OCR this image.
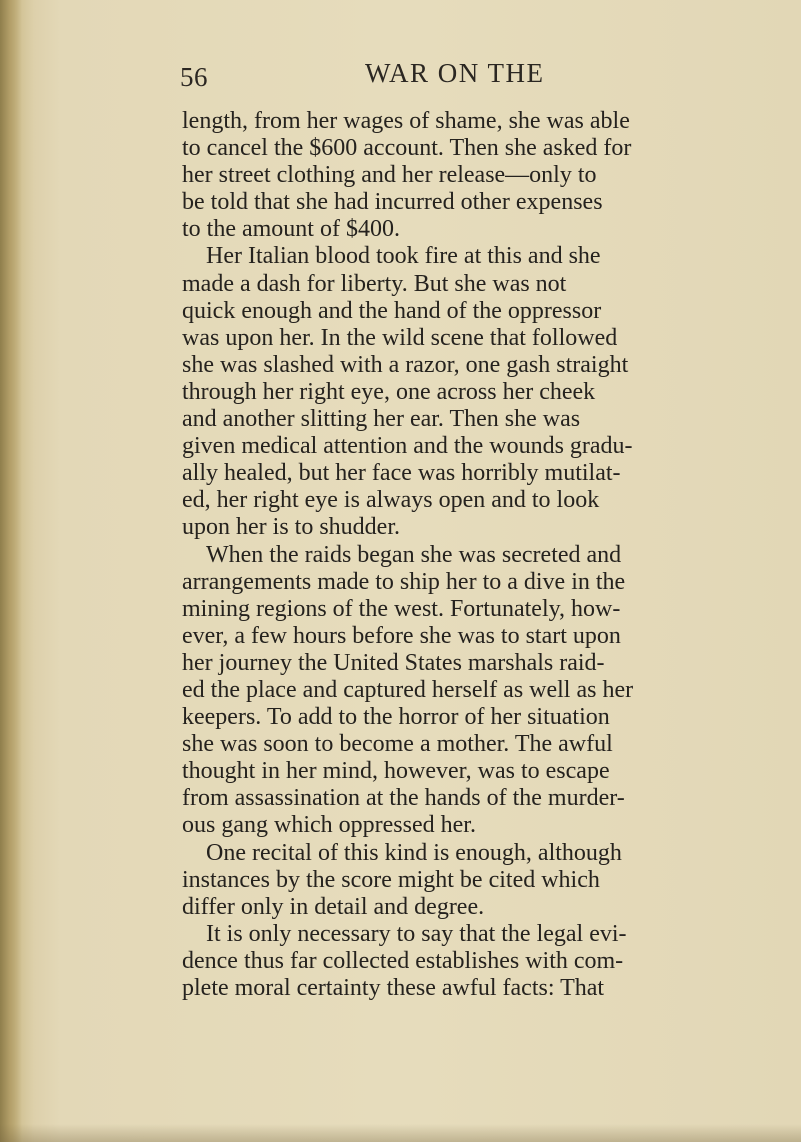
56	WAR ON THE
length, from her wages of shame, she was able
to cancel the $600 account. Then she asked for
her street clothing and her release—only to
be told that she had incurred other expenses
to the amount of $400.
Her Italian blood took fire at this and she
made a dash for liberty. But she was not
quick enough and the hand of the oppressor
was upon her. In the wild scene that followed
she was slashed with a razor, one gash straight
through her right eye, one across her cheek
and another slitting her ear. Then she was
given medical attention and the wounds gradu-
ally healed, but her face was horribly mutilat-
ed, her right eye is always open and to look
upon her is to shudder.
When the raids began she was secreted and
arrangements made to ship her to a dive in the
mining regions of the west. Fortunately, how-
ever, a few hours before she was to start upon
her journey the United States marshals raid-
ed the place and captured herself as well as her
keepers. To add to the horror of her situation
she was soon to become a mother. The awful
thought in her mind, however, was to escape
from assassination at the hands of the murder-
ous gang which oppressed her.
One recital of this kind is enough, although
instances by the score might be cited which
differ only in detail and degree.
It is only necessary to say that the legal evi-
dence thus far collected establishes with com-
plete moral certainty these awful facts: That
